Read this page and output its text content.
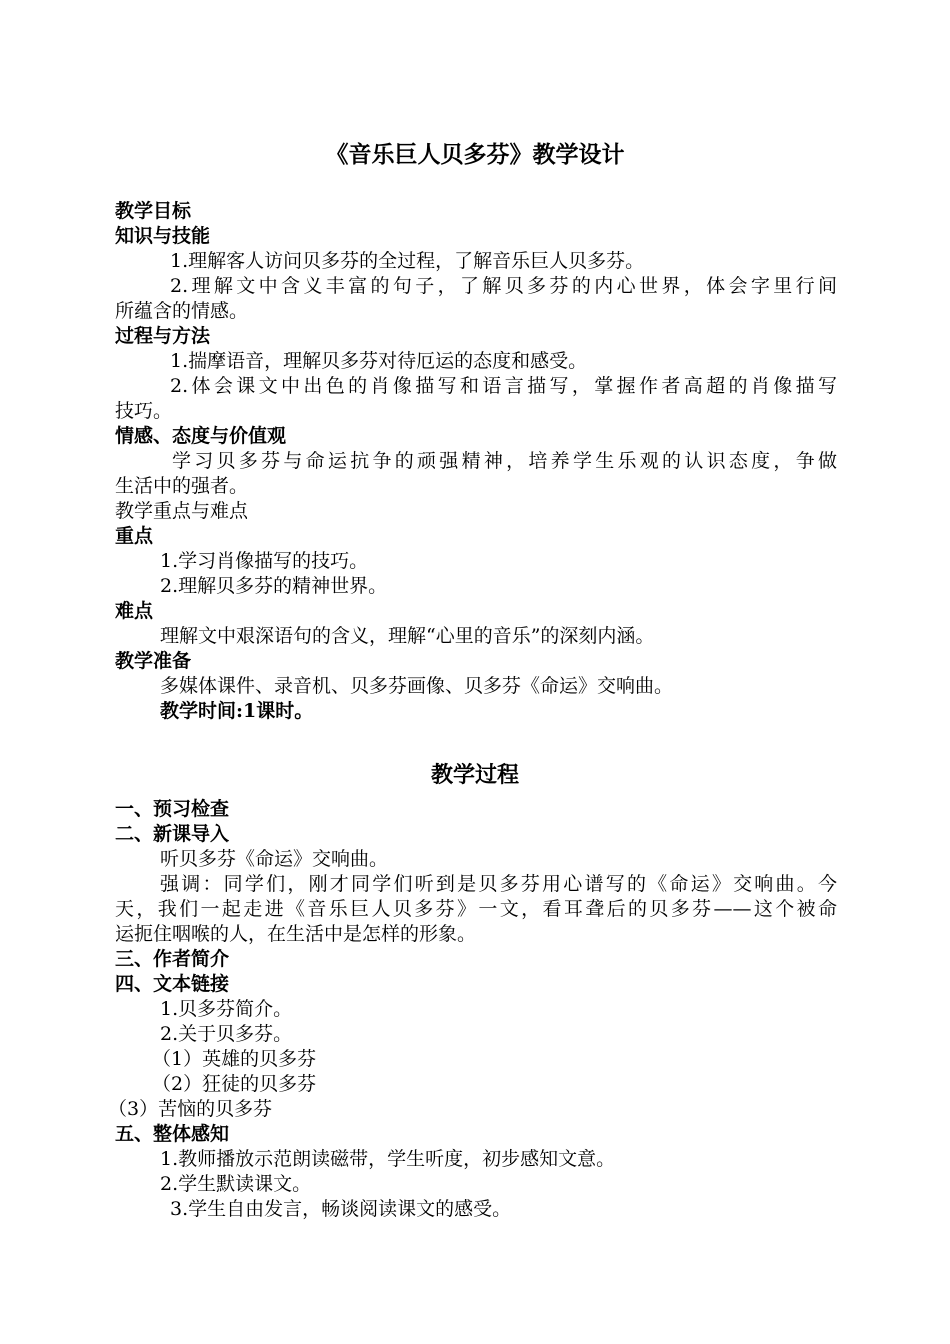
《音乐巨人贝多芬》教学设计
教学目标
知识与技能
1.理解客人访问贝多芬的全过程，了解音乐巨人贝多芬。
2.理解文中含义丰富的句子，了解贝多芬的内心世界，体会字里行间
所蕴含的情感。
过程与方法
1.揣摩语音，理解贝多芬对待厄运的态度和感受。
2.体会课文中出色的肖像描写和语言描写，掌握作者高超的肖像描写
技巧。
情感、态度与价值观
学习贝多芬与命运抗争的顽强精神，培养学生乐观的认识态度，争做
生活中的强者。
教学重点与难点
重点
1.学习肖像描写的技巧。
2.理解贝多芬的精神世界。
难点
理解文中艰深语句的含义，理解“心里的音乐”的深刻内涵。
教学准备
多媒体课件、录音机、贝多芬画像、贝多芬《命运》交响曲。
教学时间:1课时。
教学过程
一、预习检查
二、新课导入
听贝多芬《命运》交响曲。
强调：同学们，刚才同学们听到是贝多芬用心谱写的《命运》交响曲。今
天，我们一起走进《音乐巨人贝多芬》一文，看耳聋后的贝多芬——这个被命
运扼住咽喉的人，在生活中是怎样的形象。
三、作者简介
四、文本链接
1.贝多芬简介。
2.关于贝多芬。
（1）英雄的贝多芬
（2）狂徒的贝多芬
（3）苦恼的贝多芬
五、整体感知
1.教师播放示范朗读磁带，学生听度，初步感知文意。
2.学生默读课文。
3.学生自由发言，畅谈阅读课文的感受。
